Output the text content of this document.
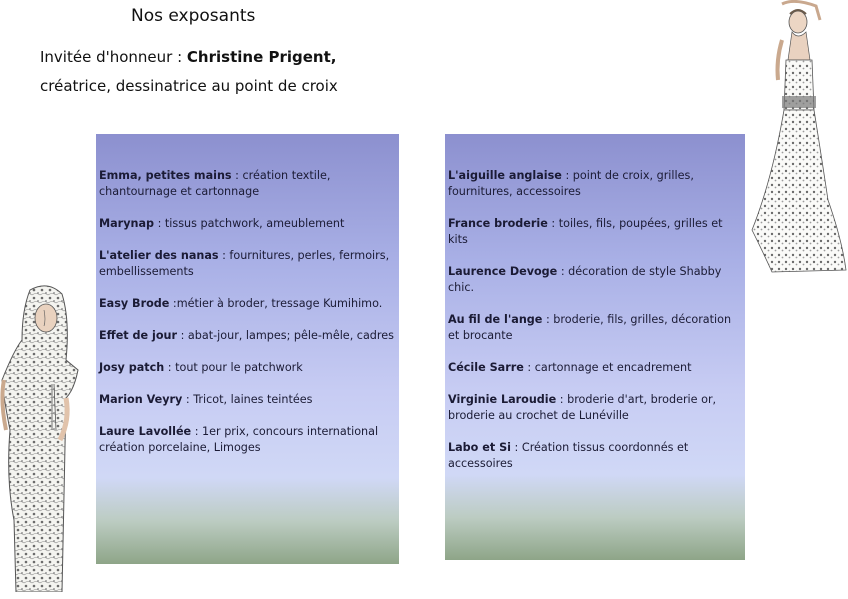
Nos exposants
Invitée d'honneur : Christine Prigent,
créatrice, dessinatrice au point de croix
Emma, petites mains : création textile, chantournage et cartonnage
Marynap : tissus patchwork, ameublement
L'atelier des nanas : fournitures, perles, fermoirs, embellissements
Easy Brode :métier à broder, tressage Kumihimo.
Effet de jour : abat-jour, lampes; pêle-mêle, cadres
Josy patch : tout pour le patchwork
Marion Veyry : Tricot, laines teintées
Laure Lavollée : 1er prix, concours international création porcelaine, Limoges
L'aiguille anglaise : point de croix, grilles, fournitures, accessoires
France broderie : toiles, fils, poupées, grilles et kits
Laurence Devoge : décoration de style Shabby chic.
Au fil de l'ange : broderie, fils, grilles, décoration et brocante
Cécile Sarre : cartonnage et encadrement
Virginie Laroudie : broderie d'art, broderie or, broderie au crochet de Lunéville
Labo et Si : Création tissus coordonnés et accessoires
